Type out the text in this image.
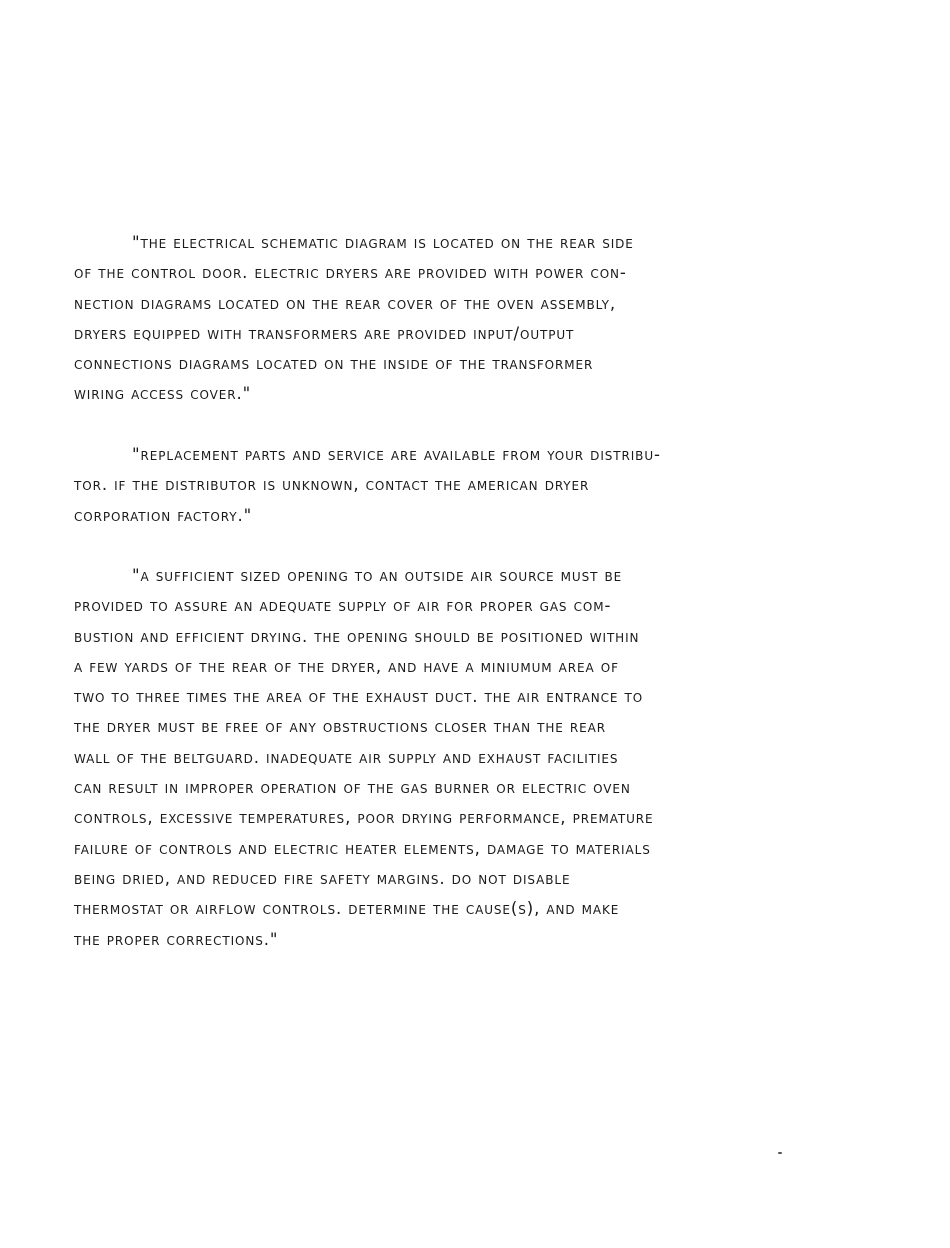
"the electrical schematic diagram is located on the rear side
of the control door. electric dryers are provided with power con-
nection diagrams located on the rear cover of the oven assembly,
dryers equipped with transformers are provided input/output
connections diagrams located on the inside of the transformer
wiring access cover."
"replacement parts and service are available from your distribu-
tor. if the distributor is unknown, contact the american dryer
corporation factory."
"a sufficient sized opening to an outside air source must be
provided to assure an adequate supply of air for proper gas com-
bustion and efficient drying. the opening should be positioned within
a few yards of the rear of the dryer, and have a miniumum area of
two to three times the area of the exhaust duct. the air entrance to
the dryer must be free of any obstructions closer than the rear
wall of the beltguard. inadequate air supply and exhaust facilities
can result in improper operation of the gas burner or electric oven
controls, excessive temperatures, poor drying performance, premature
failure of controls and electric heater elements, damage to materials
being dried, and reduced fire safety margins. do not disable
thermostat or airflow controls. determine the cause(s), and make
the proper corrections."
